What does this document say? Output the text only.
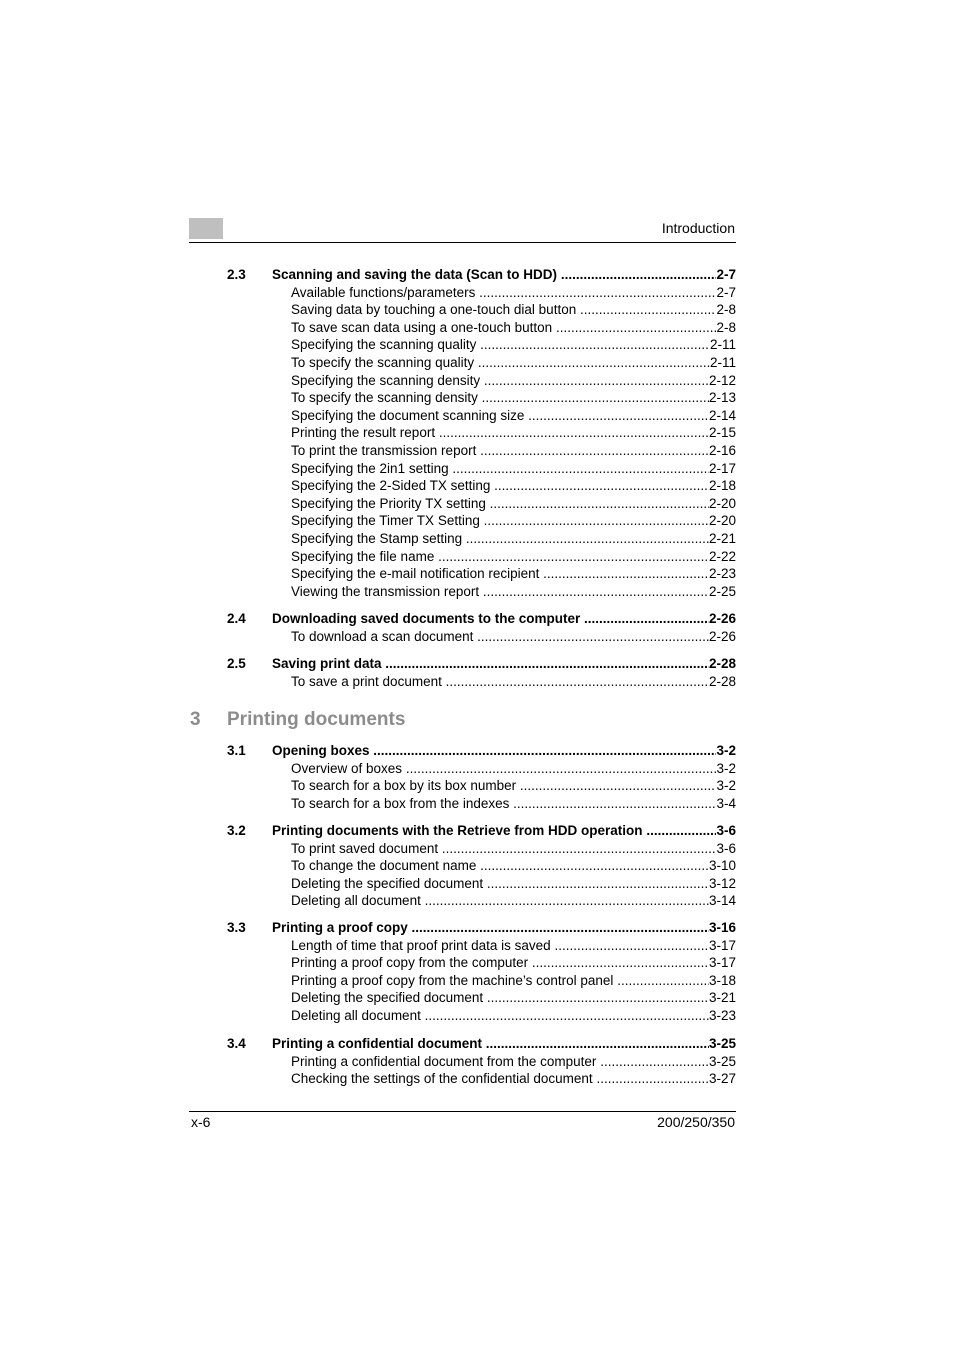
Introduction
2.3	Scanning and saving the data (Scan to HDD) .....	2-7
Available functions/parameters .....	2-7
Saving data by touching a one-touch dial button .....	2-8
To save scan data using a one-touch button .....	2-8
Specifying the scanning quality .....	2-11
To specify the scanning quality .....	2-11
Specifying the scanning density .....	2-12
To specify the scanning density .....	2-13
Specifying the document scanning size .....	2-14
Printing the result report .....	2-15
To print the transmission report .....	2-16
Specifying the 2in1 setting .....	2-17
Specifying the 2-Sided TX setting .....	2-18
Specifying the Priority TX setting .....	2-20
Specifying the Timer TX Setting .....	2-20
Specifying the Stamp setting .....	2-21
Specifying the file name .....	2-22
Specifying the e-mail notification recipient .....	2-23
Viewing the transmission report .....	2-25
2.4	Downloading saved documents to the computer .....	2-26
To download a scan document .....	2-26
2.5	Saving print data .....	2-28
To save a print document .....	2-28
3.1	Opening boxes .....	3-2
Overview of boxes .....	3-2
To search for a box by its box number .....	3-2
To search for a box from the indexes .....	3-4
3.2	Printing documents with the Retrieve from HDD operation .....	3-6
To print saved document .....	3-6
To change the document name .....	3-10
Deleting the specified document .....	3-12
Deleting all document .....	3-14
3.3	Printing a proof copy .....	3-16
Length of time that proof print data is saved .....	3-17
Printing a proof copy from the computer .....	3-17
Printing a proof copy from the machine’s control panel .....	3-18
Deleting the specified document .....	3-21
Deleting all document .....	3-23
3.4	Printing a confidential document .....	3-25
Printing a confidential document from the computer .....	3-25
Checking the settings of the confidential document .....	3-27
3	Printing documents
x-6	200/250/350
